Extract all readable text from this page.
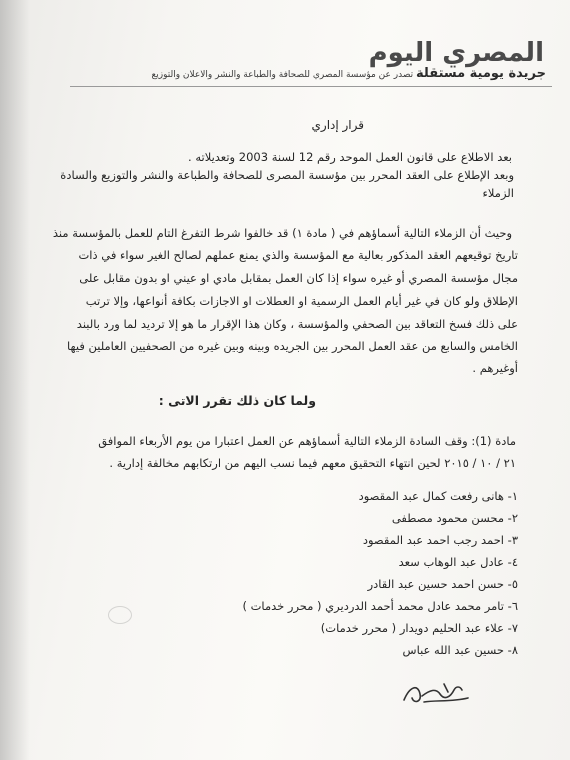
المصري اليوم
جريدة يومية مستقلة تصدر عن مؤسسة المصري للصحافة والطباعة والنشر والاعلان والتوزيع
قرار إداري
بعد الاطلاع على قانون العمل الموحد رقم 12 لسنة 2003 وتعديلاته .
وبعد الإطلاع على العقد المحرر بين مؤسسة المصرى للصحافة والطباعة والنشر والتوزيع والسادة
الزملاء
وحيث أن الزملاء التالية أسماؤهم في ( مادة ١) قد خالفوا شرط التفرغ التام للعمل بالمؤسسة منذ
تاريخ توقيعهم العقد المذكور بعالية مع المؤسسة والذي يمنع عملهم لصالح الغير سواء في ذات
مجال مؤسسة المصري أو غيره سواء إذا كان العمل بمقابل مادي او عيني او بدون مقابل على
الإطلاق ولو كان في غير أيام العمل الرسمية او العطلات او الاجازات بكافة أنواعها، وإلا ترتب
على ذلك فسخ التعاقد بين الصحفي والمؤسسة ، وكان هذا الإقرار ما هو إلا ترديد لما ورد بالبند
الخامس والسابع من عقد العمل المحرر بين الجريده وبينه وبين غيره من الصحفيين العاملين فيها
أوغيرهم .
ولما كان ذلك تقرر الاتى :
مادة (1): وقف السادة الزملاء التالية أسماؤهم عن العمل اعتبارا من يوم الأربعاء الموافق
٢١ / ١٠ / ٢٠١٥ لحين انتهاء التحقيق معهم فيما نسب اليهم من ارتكابهم مخالفة إدارية .
١- هانى رفعت كمال عبد المقصود
٢- محسن محمود مصطفى
٣- احمد رجب احمد عبد المقصود
٤- عادل عبد الوهاب سعد
٥- حسن احمد حسين عبد القادر
٦- تامر محمد عادل محمد أحمد الدرديري ( محرر خدمات )
٧- علاء عبد الحليم دويدار ( محرر خدمات)
٨- حسين عبد الله عباس
